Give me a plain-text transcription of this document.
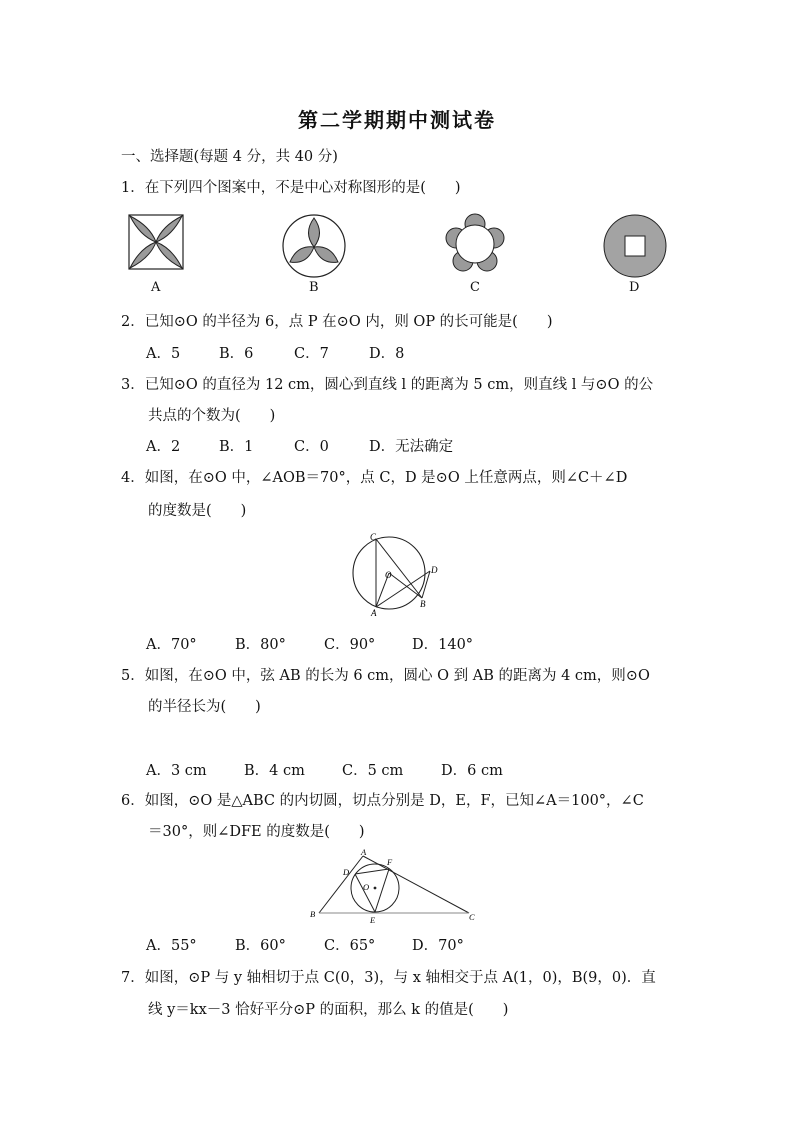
第二学期期中测试卷
一、选择题(每题 4 分，共 40 分)
1．在下列四个图案中，不是中心对称图形的是(　　)
A	B	C	D
2．已知⊙O 的半径为 6，点 P 在⊙O 内，则 OP 的长可能是(　　)
A．5	B．6	C．7	D．8
3．已知⊙O 的直径为 12 cm，圆心到直线 l 的距离为 5 cm，则直线 l 与⊙O 的公
共点的个数为(　　)
A．2	B．1	C．0	D．无法确定
4．如图，在⊙O 中，∠AOB＝70°，点 C，D 是⊙O 上任意两点，则∠C＋∠D
的度数是(　　)
C
O	D
A
B
A．70°	B．80°	C．90°	D．140°
5．如图，在⊙O 中，弦 AB 的长为 6 cm，圆心 O 到 AB 的距离为 4 cm，则⊙O
的半径长为(　　)
A．3 cm	B．4 cm	C．5 cm	D．6 cm
6．如图，⊙O 是△ABC 的内切圆，切点分别是 D，E，F，已知∠A＝100°，∠C
＝30°，则∠DFE 的度数是(　　)
A
F
D
O
B
E	C
A．55°	B．60°	C．65°	D．70°
7．如图，⊙P 与 y 轴相切于点 C(0，3)，与 x 轴相交于点 A(1，0)，B(9，0)．直
线 y＝kx－3 恰好平分⊙P 的面积，那么 k 的值是(　　)
